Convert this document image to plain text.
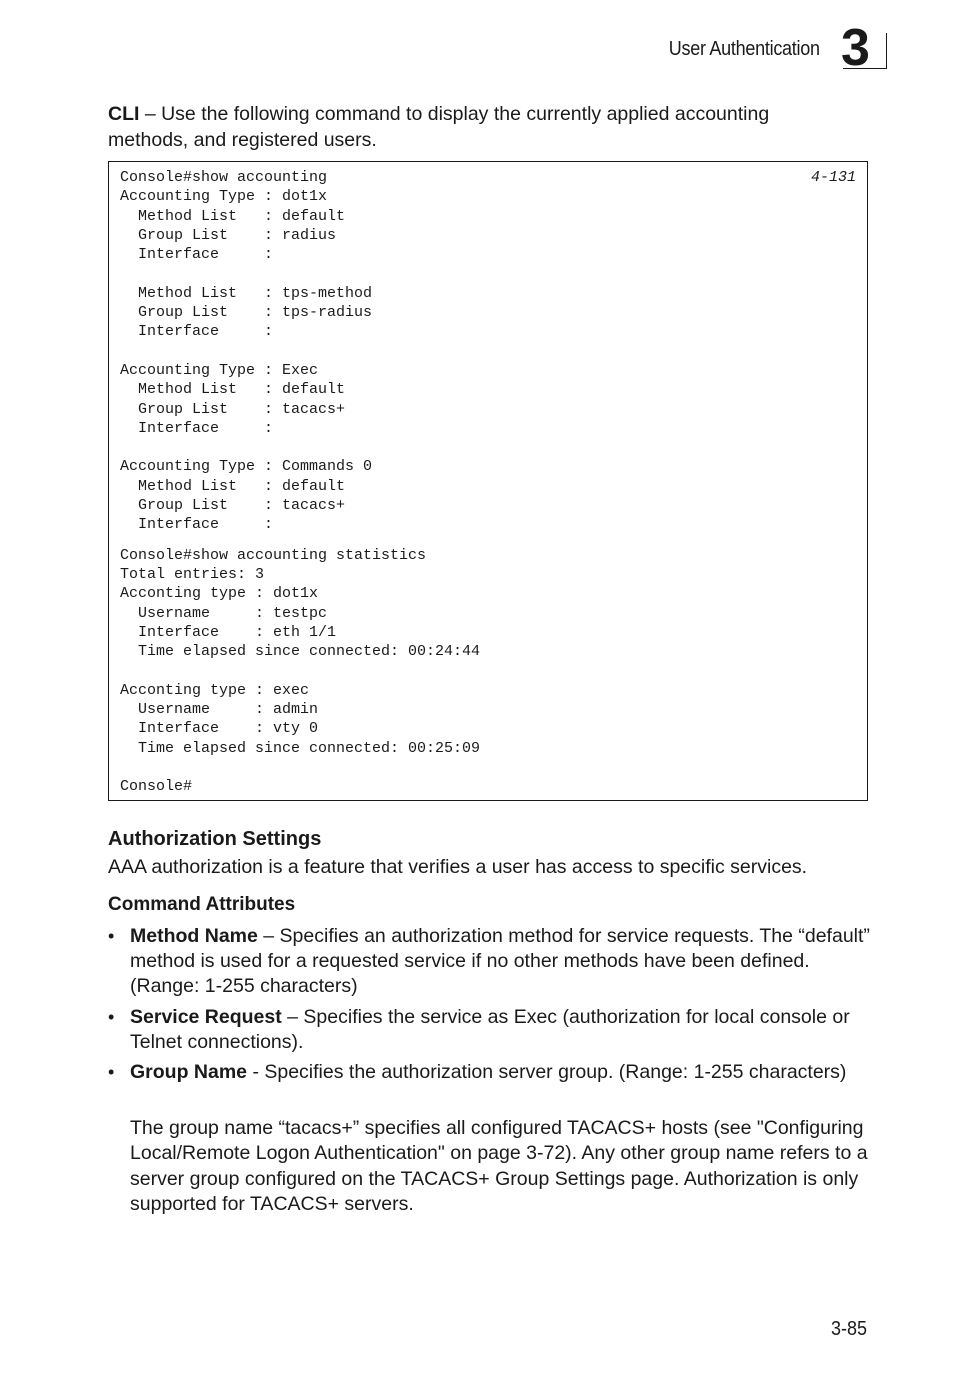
User Authentication 3
CLI – Use the following command to display the currently applied accounting methods, and registered users.
Console#show accounting
Accounting Type : dot1x
Method List   : default
Group List    : radius
Interface     :
Method List   : tps-method
Group List    : tps-radius
Interface     :
Accounting Type : Exec
Method List   : default
Group List    : tacacs+
Interface     :
Accounting Type : Commands 0
Method List   : default
Group List    : tacacs+
Interface     :
Console#show accounting statistics
Total entries: 3
Acconting type : dot1x
Username     : testpc
Interface    : eth 1/1
Time elapsed since connected: 00:24:44
Acconting type : exec
Username     : admin
Interface    : vty 0
Time elapsed since connected: 00:25:09
Console#
4-131
Authorization Settings
AAA authorization is a feature that verifies a user has access to specific services.
Command Attributes
• Method Name – Specifies an authorization method for service requests. The “default” method is used for a requested service if no other methods have been defined. (Range: 1-255 characters)
• Service Request – Specifies the service as Exec (authorization for local console or Telnet connections).
• Group Name - Specifies the authorization server group. (Range: 1-255 characters)
The group name “tacacs+” specifies all configured TACACS+ hosts (see "Configuring Local/Remote Logon Authentication" on page 3-72). Any other group name refers to a server group configured on the TACACS+ Group Settings page. Authorization is only supported for TACACS+ servers.
3-85
